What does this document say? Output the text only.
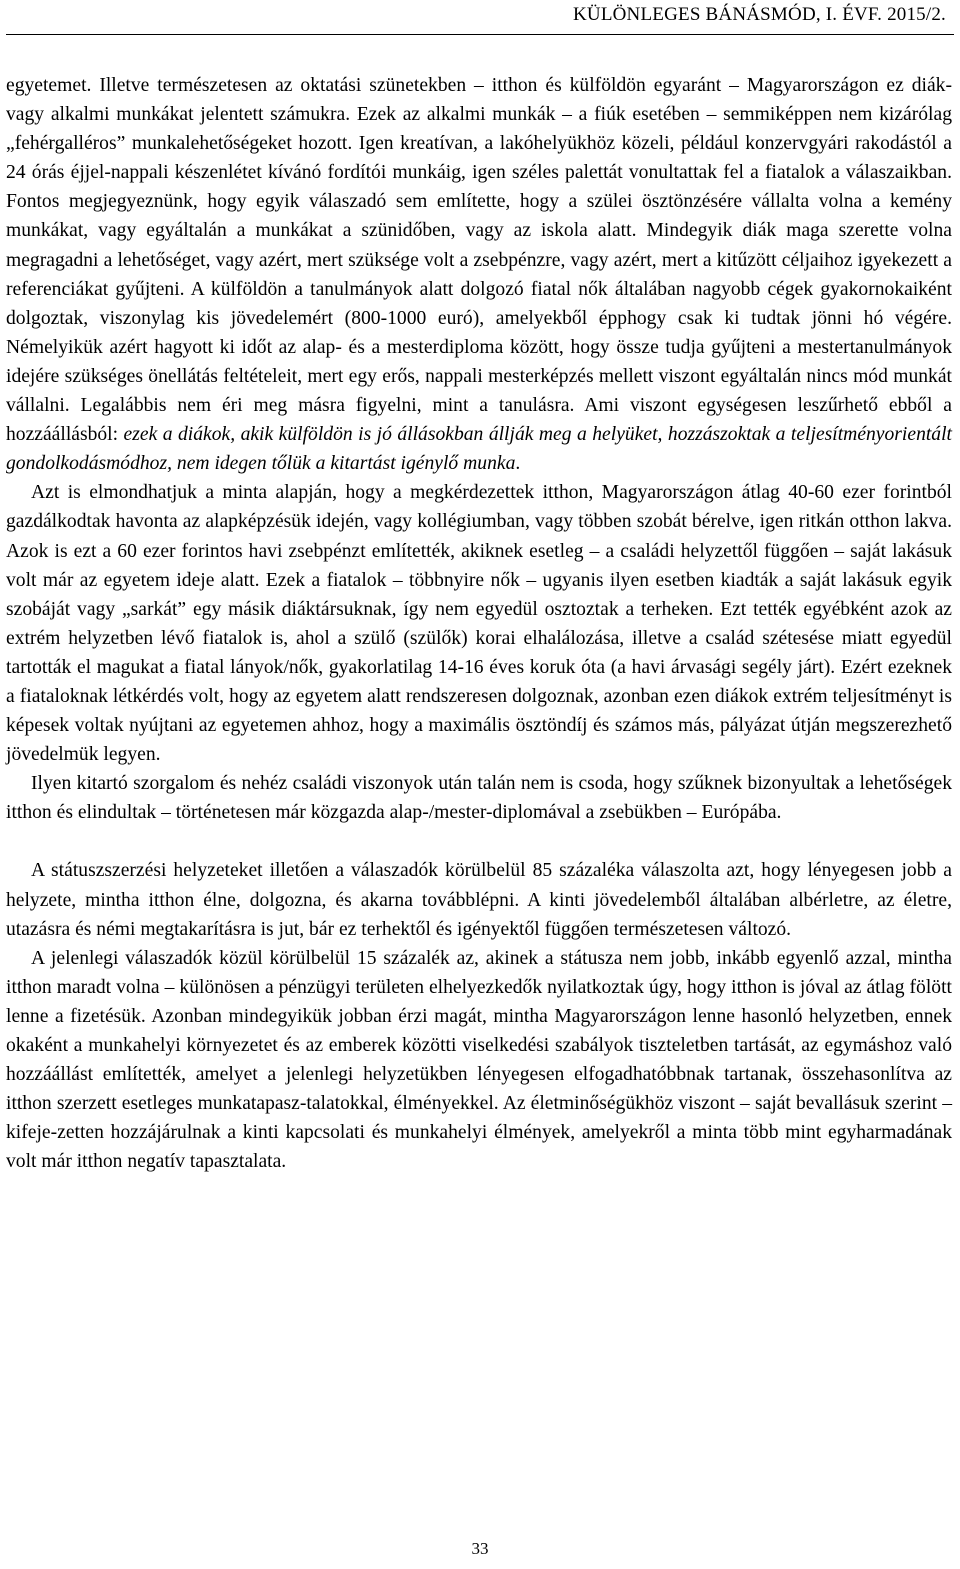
KÜLÖNLEGES BÁNÁSMÓD, I. ÉVF. 2015/2.

egyetemet. Illetve természetesen az oktatási szünetekben – itthon és külföldön egyaránt – Magyarországon ez diák- vagy alkalmi munkákat jelentett számukra. Ezek az alkalmi munkák – a fiúk esetében – semmiképpen nem kizárólag „fehérgalléros” munkalehetőségeket hozott. Igen kreatívan, a lakóhelyükhöz közeli, például konzervgyári rakodástól a 24 órás éjjel-nappali készenlétet kívánó fordítói munkáig, igen széles palettát vonultattak fel a fiatalok a válaszaikban. Fontos megjegyeznünk, hogy egyik válaszadó sem említette, hogy a szülei ösztönzésére vállalta volna a kemény munkákat, vagy egyáltalán a munkákat a szünidőben, vagy az iskola alatt. Mindegyik diák maga szerette volna megragadni a lehetőséget, vagy azért, mert szüksége volt a zsebpénzre, vagy azért, mert a kitűzött céljaihoz igyekezett a referenciákat gyűjteni. A külföldön a tanulmányok alatt dolgozó fiatal nők általában nagyobb cégek gyakornokaiként dolgoztak, viszonylag kis jövedelemért (800-1000 euró), amelyekből épphogy csak ki tudtak jönni hó végére. Némelyikük azért hagyott ki időt az alap- és a mesterdiploma között, hogy össze tudja gyűjteni a mestertanulmányok idejére szükséges önellátás feltételeit, mert egy erős, nappali mesterképzés mellett viszont egyáltalán nincs mód munkát vállalni. Legalábbis nem éri meg másra figyelni, mint a tanulásra. Ami viszont egységesen leszűrhető ebből a hozzáállásból: ezek a diákok, akik külföldön is jó állásokban állják meg a helyüket, hozzászoktak a teljesítményorientált gondolkodásmódhoz, nem idegen tőlük a kitartást igénylő munka.

Azt is elmondhatjuk a minta alapján, hogy a megkérdezettek itthon, Magyarországon átlag 40-60 ezer forintból gazdálkodtak havonta az alapképzésük idején, vagy kollégiumban, vagy többen szobát bérelve, igen ritkán otthon lakva. Azok is ezt a 60 ezer forintos havi zsebpénzt említették, akiknek esetleg – a családi helyzettől függően – saját lakásuk volt már az egyetem ideje alatt. Ezek a fiatalok – többnyire nők – ugyanis ilyen esetben kiadták a saját lakásuk egyik szobáját vagy „sarkát” egy másik diáktársuknak, így nem egyedül osztoztak a terheken. Ezt tették egyébként azok az extrém helyzetben lévő fiatalok is, ahol a szülő (szülők) korai elhalálozása, illetve a család szétesése miatt egyedül tartották el magukat a fiatal lányok/nők, gyakorlatilag 14-16 éves koruk óta (a havi árvasági segély járt). Ezért ezeknek a fiataloknak létkérdés volt, hogy az egyetem alatt rendszeresen dolgoznak, azonban ezen diákok extrém teljesítményt is képesek voltak nyújtani az egyetemen ahhoz, hogy a maximális ösztöndíj és számos más, pályázat útján megszerezhető jövedelmük legyen.

Ilyen kitartó szorgalom és nehéz családi viszonyok után talán nem is csoda, hogy szűknek bizonyultak a lehetőségek itthon és elindultak – történetesen már közgazda alap-/mester-diplomával a zsebükben – Európába.

A státuszszerzési helyzeteket illetően a válaszadók körülbelül 85 százaléka válaszolta azt, hogy lényegesen jobb a helyzete, mintha itthon élne, dolgozna, és akarna továbblépni. A kinti jövedelemből általában albérletre, az életre, utazásra és némi megtakarításra is jut, bár ez terhektől és igényektől függően természetesen változó.

A jelenlegi válaszadók közül körülbelül 15 százalék az, akinek a státusza nem jobb, inkább egyenlő azzal, mintha itthon maradt volna – különösen a pénzügyi területen elhelyezkedők nyilatkoztak úgy, hogy itthon is jóval az átlag fölött lenne a fizetésük. Azonban mindegyikük jobban érzi magát, mintha Magyarországon lenne hasonló helyzetben, ennek okaként a munkahelyi környezetet és az emberek közötti viselkedési szabályok tiszteletben tartását, az egymáshoz való hozzáállást említették, amelyet a jelenlegi helyzetükben lényegesen elfogadhatóbbnak tartanak, összehasonlítva az itthon szerzett esetleges munkatapasz-talatokkal, élményekkel. Az életminőségükhöz viszont – saját bevallásuk szerint – kifeje-zetten hozzájárulnak a kinti kapcsolati és munkahelyi élmények, amelyekről a minta több mint egyharmadának volt már itthon negatív tapasztalata.

33
